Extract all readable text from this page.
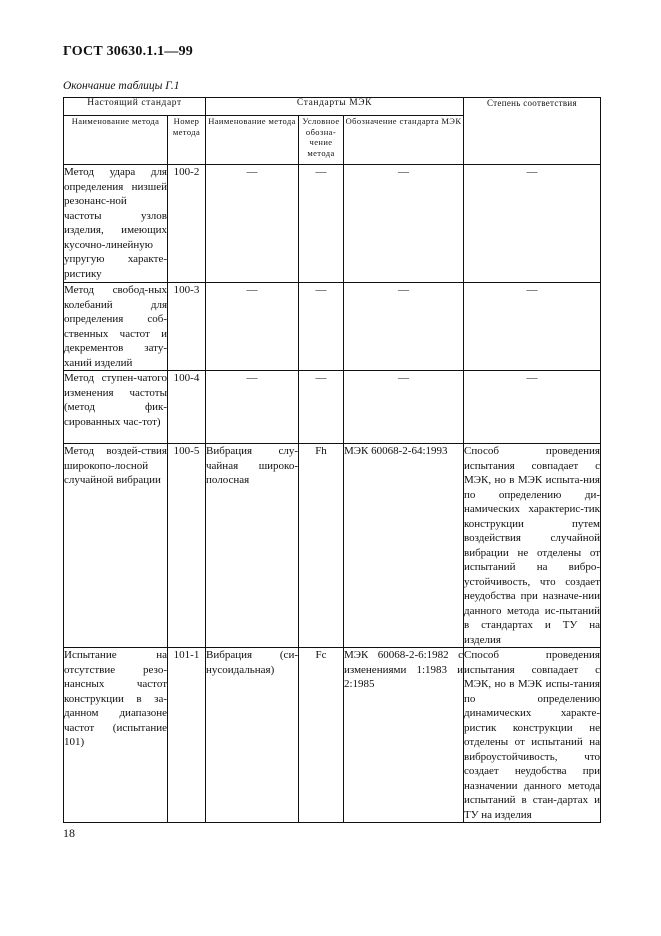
ГОСТ 30630.1.1—99
Окончание таблицы Г.1
Настоящий стандарт		Стандарты МЭК			Степень соответствия
Наименование метода	Номер метода	Наименование метода	Условное обозна-чение метода	Обозначение стандарта МЭК	
Метод удара для определения низшей резонанс-ной частоты узлов изделия, имеющих кусочно-линейную упругую характе-ристику	100-2	—	—	—	—
Метод свобод-ных колебаний для определения соб-ственных частот и декрементов зату-ханий изделий	100-3	—	—	—	—
Метод ступен-чатого изменения частоты (метод фик-сированных час-тот)	100-4	—	—	—	—
Метод воздей-ствия широкопо-лосной случайной вибрации	100-5	Вибрация слу-чайная широко-полосная	Fh	МЭК 60068-2-64:1993	Способ проведения испытания совпадает с МЭК, но в МЭК испыта-ния по определению ди-намических характерис-тик конструкции путем воздействия случайной вибрации не отделены от испытаний на вибро-устойчивость, что создает неудобства при назначе-нии данного метода ис-пытаний в стандартах и ТУ на изделия
Испытание на отсутствие резо-нансных частот конструкции в за-данном диапазоне частот (испытание 101)	101-1	Вибрация (си-нусоидальная)	Fc	МЭК 60068-2-6:1982 с изменениями 1:1983 и 2:1985	Способ проведения испытания совпадает с МЭК, но в МЭК испы-тания по определению динамических характе-ристик конструкции не отделены от испытаний на виброустойчивость, что создает неудобства при назначении данного метода испытаний в стан-дартах и ТУ на изделия
18
